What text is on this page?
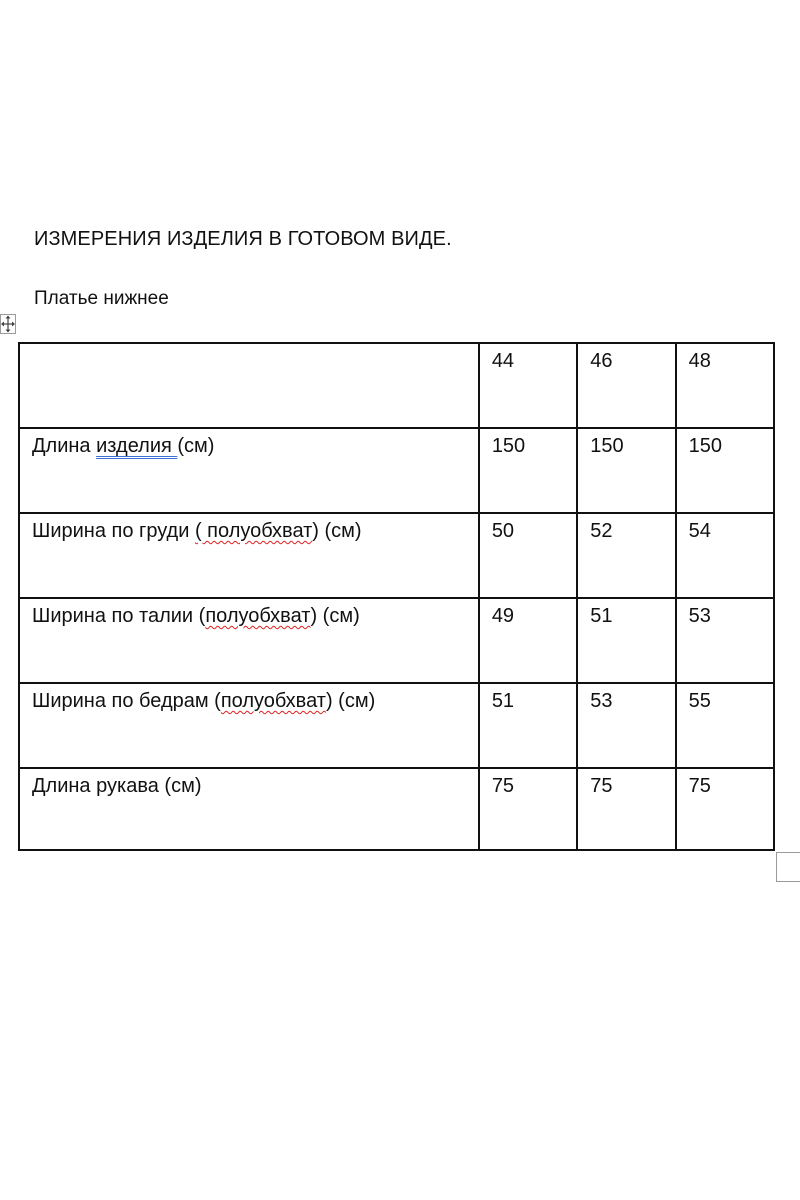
ИЗМЕРЕНИЯ ИЗДЕЛИЯ В ГОТОВОМ ВИДЕ.
Платье нижнее
	44	46	48
Длина изделия (см)	150	150	150
Ширина по груди ( полуобхват) (см)	50	52	54
Ширина по талии (полуобхват) (см)	49	51	53
Ширина по бедрам (полуобхват) (см)	51	53	55
Длина рукава (см)	75	75	75
